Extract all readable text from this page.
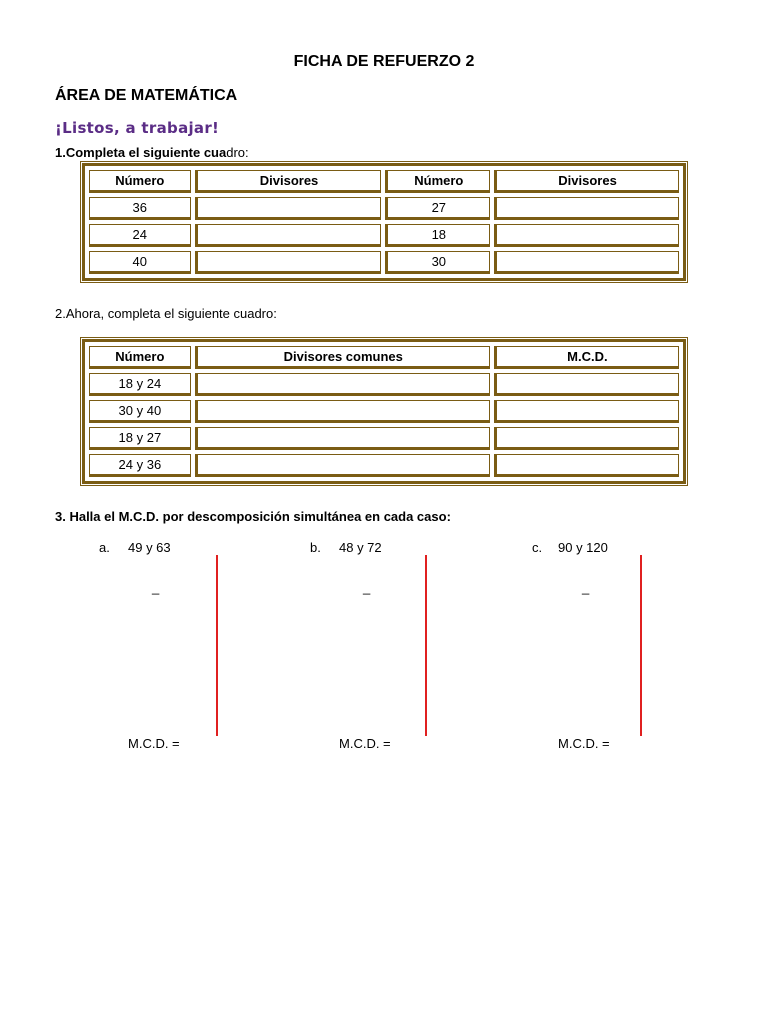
FICHA DE REFUERZO 2
ÁREA DE MATEMÁTICA
¡Listos, a trabajar!
1.Completa el siguiente cuadro:
Número	Divisores	Número	Divisores
36		27	
24		18	
40		30	
2.Ahora, completa el siguiente cuadro:
Número	Divisores comunes	M.C.D.
18 y 24		
30 y 40		
18 y 27		
24 y 36		
3. Halla el M.C.D. por descomposición simultánea en cada caso:
a. 49 y 63
_
M.C.D. =
b. 48 y 72
_
M.C.D. =
c. 90 y 120
_
M.C.D. =
